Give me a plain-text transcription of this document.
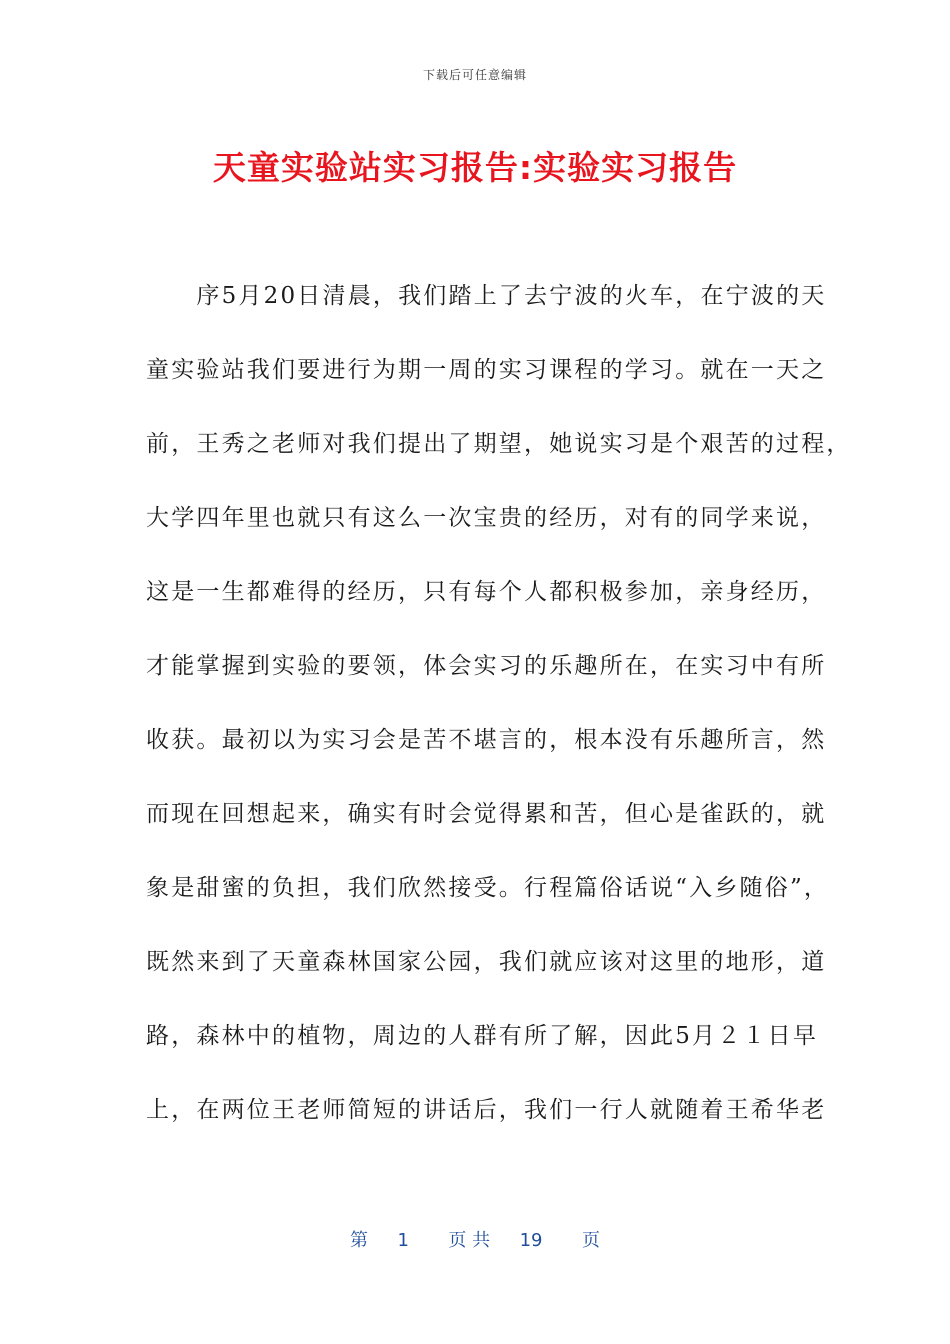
下载后可任意编辑
天童实验站实习报告:实验实习报告
　　序5月20日清晨，我们踏上了去宁波的火车，在宁波的天
童实验站我们要进行为期一周的实习课程的学习。就在一天之
前，王秀之老师对我们提出了期望，她说实习是个艰苦的过程，
大学四年里也就只有这么一次宝贵的经历，对有的同学来说，
这是一生都难得的经历，只有每个人都积极参加，亲身经历，
才能掌握到实验的要领，体会实习的乐趣所在，在实习中有所
收获。最初以为实习会是苦不堪言的，根本没有乐趣所言，然
而现在回想起来，确实有时会觉得累和苦，但心是雀跃的，就
象是甜蜜的负担，我们欣然接受。行程篇俗话说“入乡随俗”，
既然来到了天童森林国家公园，我们就应该对这里的地形，道
路，森林中的植物，周边的人群有所了解，因此5月２１日早
上，在两位王老师简短的讲话后，我们一行人就随着王希华老
第 1 页 共 19 页
